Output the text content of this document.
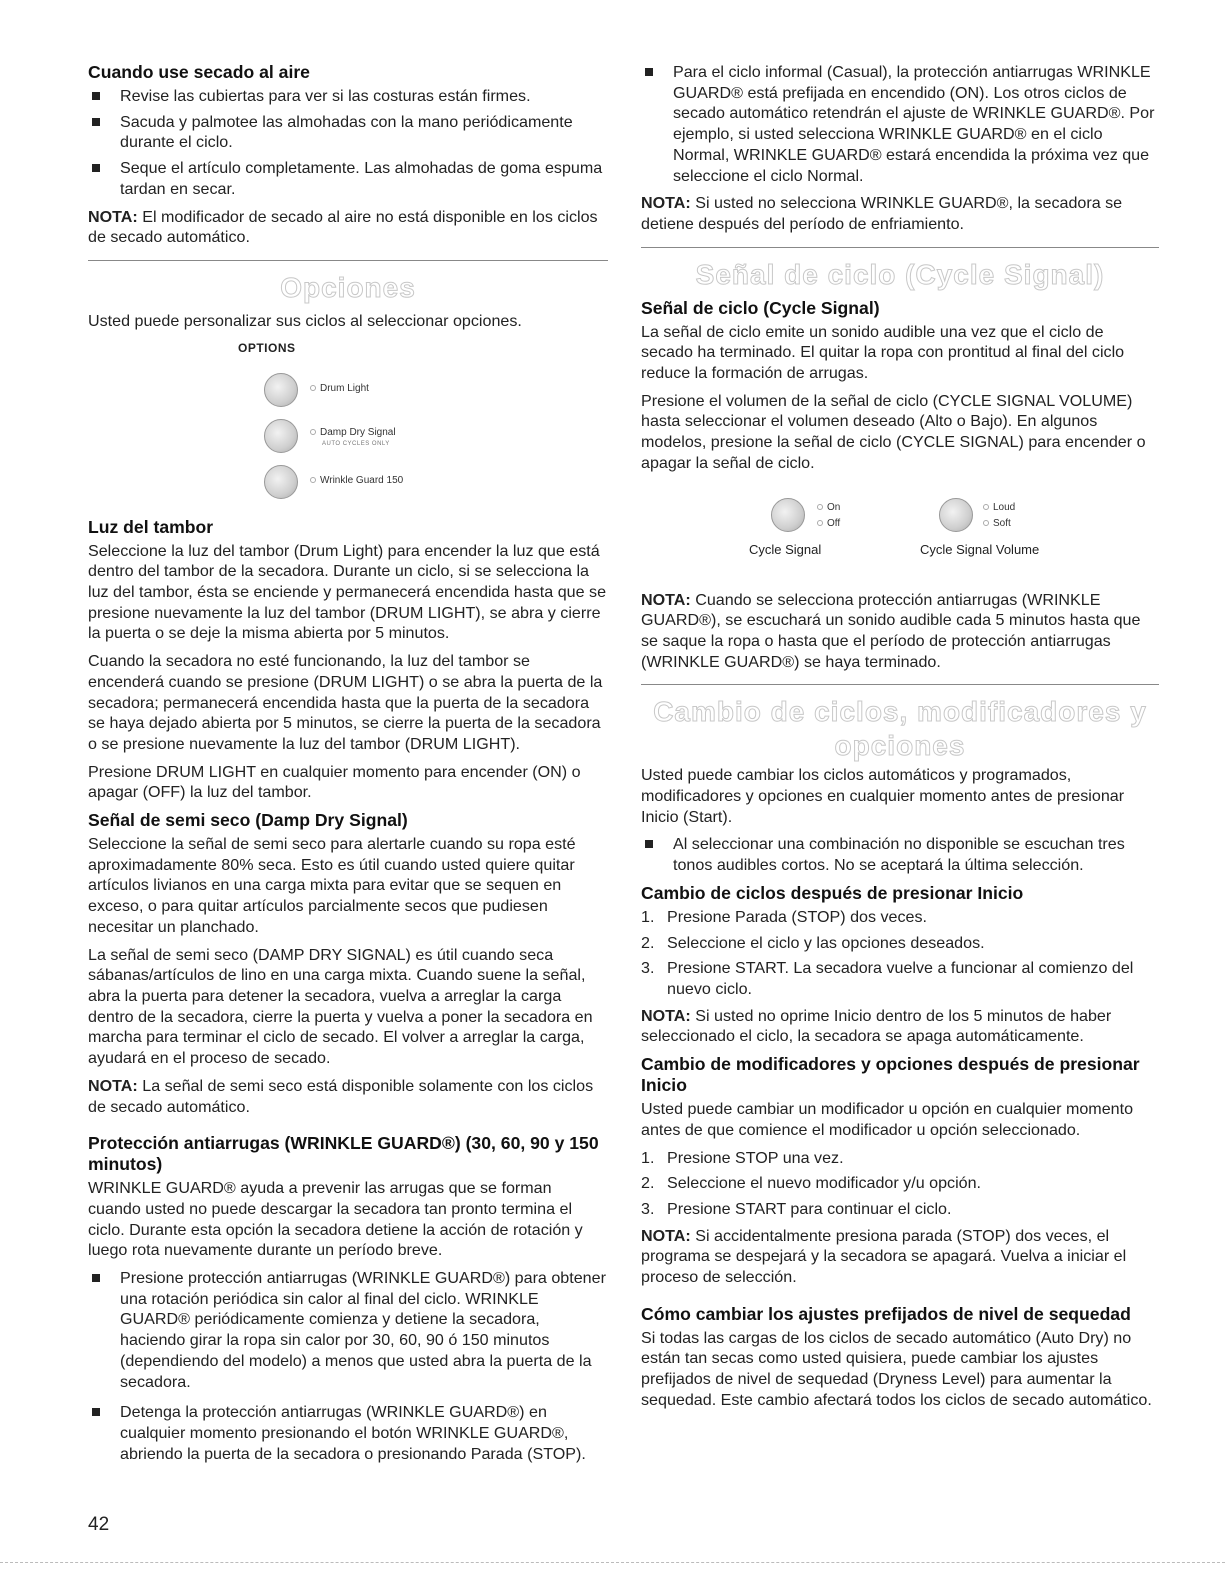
Cuando use secado al aire
Revise las cubiertas para ver si las costuras están firmes.
Sacuda y palmotee las almohadas con la mano periódicamente durante el ciclo.
Seque el artículo completamente. Las almohadas de goma espuma tardan en secar.

NOTA: El modificador de secado al aire no está disponible en los ciclos de secado automático.

Opciones

Usted puede personalizar sus ciclos al seleccionar opciones.

OPTIONS
Drum Light
Damp Dry Signal
AUTO CYCLES ONLY
Wrinkle Guard 150
Luz del tambor

Seleccione la luz del tambor (Drum Light) para encender la luz que está dentro del tambor de la secadora. Durante un ciclo, si se selecciona la luz del tambor, ésta se enciende y permanecerá encendida hasta que se presione nuevamente la luz del tambor (DRUM LIGHT), se abra y cierre la puerta o se deje la misma abierta por 5 minutos.

Cuando la secadora no esté funcionando, la luz del tambor se encenderá cuando se presione (DRUM LIGHT) o se abra la puerta de la secadora; permanecerá encendida hasta que la puerta de la secadora se haya dejado abierta por 5 minutos, se cierre la puerta de la secadora o se presione nuevamente la luz del tambor (DRUM LIGHT).

Presione DRUM LIGHT en cualquier momento para encender (ON) o apagar (OFF) la luz del tambor.

Señal de semi seco (Damp Dry Signal)

Seleccione la señal de semi seco para alertarle cuando su ropa esté aproximadamente 80% seca. Esto es útil cuando usted quiere quitar artículos livianos en una carga mixta para evitar que se sequen en exceso, o para quitar artículos parcialmente secos que pudiesen necesitar un planchado.

La señal de semi seco (DAMP DRY SIGNAL) es útil cuando seca sábanas/artículos de lino en una carga mixta. Cuando suene la señal, abra la puerta para detener la secadora, vuelva a arreglar la carga dentro de la secadora, cierre la puerta y vuelva a poner la secadora en marcha para terminar el ciclo de secado. El volver a arreglar la carga, ayudará en el proceso de secado.

NOTA: La señal de semi seco está disponible solamente con los ciclos de secado automático.

Protección antiarrugas (WRINKLE GUARD®) (30, 60, 90 y 150 minutos)

WRINKLE GUARD® ayuda a prevenir las arrugas que se forman cuando usted no puede descargar la secadora tan pronto termina el ciclo. Durante esta opción la secadora detiene la acción de rotación y luego rota nuevamente durante un período breve.

Presione protección antiarrugas (WRINKLE GUARD®) para obtener una rotación periódica sin calor al final del ciclo. WRINKLE GUARD® periódicamente comienza y detiene la secadora, haciendo girar la ropa sin calor por 30, 60, 90 ó 150 minutos (dependiendo del modelo) a menos que usted abra la puerta de la secadora.
Detenga la protección antiarrugas (WRINKLE GUARD®) en cualquier momento presionando el botón WRINKLE GUARD®, abriendo la puerta de la secadora o presionando Parada (STOP).
Para el ciclo informal (Casual), la protección antiarrugas WRINKLE GUARD® está prefijada en encendido (ON). Los otros ciclos de secado automático retendrán el ajuste de WRINKLE GUARD®. Por ejemplo, si usted selecciona WRINKLE GUARD® en el ciclo Normal, WRINKLE GUARD® estará encendida la próxima vez que seleccione el ciclo Normal.

NOTA: Si usted no selecciona WRINKLE GUARD®, la secadora se detiene después del período de enfriamiento.

Señal de ciclo (Cycle Signal)
Señal de ciclo (Cycle Signal)

La señal de ciclo emite un sonido audible una vez que el ciclo de secado ha terminado. El quitar la ropa con prontitud al final del ciclo reduce la formación de arrugas.

Presione el volumen de la señal de ciclo (CYCLE SIGNAL VOLUME) hasta seleccionar el volumen deseado (Alto o Bajo). En algunos modelos, presione la señal de ciclo (CYCLE SIGNAL) para encender o apagar la señal de ciclo.

On
Off
Cycle Signal
Loud
Soft
Cycle Signal Volume

NOTA: Cuando se selecciona protección antiarrugas (WRINKLE GUARD®), se escuchará un sonido audible cada 5 minutos hasta que se saque la ropa o hasta que el período de protección antiarrugas (WRINKLE GUARD®) se haya terminado.

Cambio de ciclos, modificadores y
opciones

Usted puede cambiar los ciclos automáticos y programados, modificadores y opciones en cualquier momento antes de presionar Inicio (Start).

Al seleccionar una combinación no disponible se escuchan tres tonos audibles cortos. No se aceptará la última selección.
Cambio de ciclos después de presionar Inicio
1. Presione Parada (STOP) dos veces.
2. Seleccione el ciclo y las opciones deseados.
3. Presione START. La secadora vuelve a funcionar al comienzo del nuevo ciclo.

NOTA: Si usted no oprime Inicio dentro de los 5 minutos de haber seleccionado el ciclo, la secadora se apaga automáticamente.

Cambio de modificadores y opciones después de presionar Inicio

Usted puede cambiar un modificador u opción en cualquier momento antes de que comience el modificador u opción seleccionado.

1. Presione STOP una vez.
2. Seleccione el nuevo modificador y/u opción.
3. Presione START para continuar el ciclo.

NOTA: Si accidentalmente presiona parada (STOP) dos veces, el programa se despejará y la secadora se apagará. Vuelva a iniciar el proceso de selección.

Cómo cambiar los ajustes prefijados de nivel de sequedad

Si todas las cargas de los ciclos de secado automático (Auto Dry) no están tan secas como usted quisiera, puede cambiar los ajustes prefijados de nivel de sequedad (Dryness Level) para aumentar la sequedad. Este cambio afectará todos los ciclos de secado automático.

42
